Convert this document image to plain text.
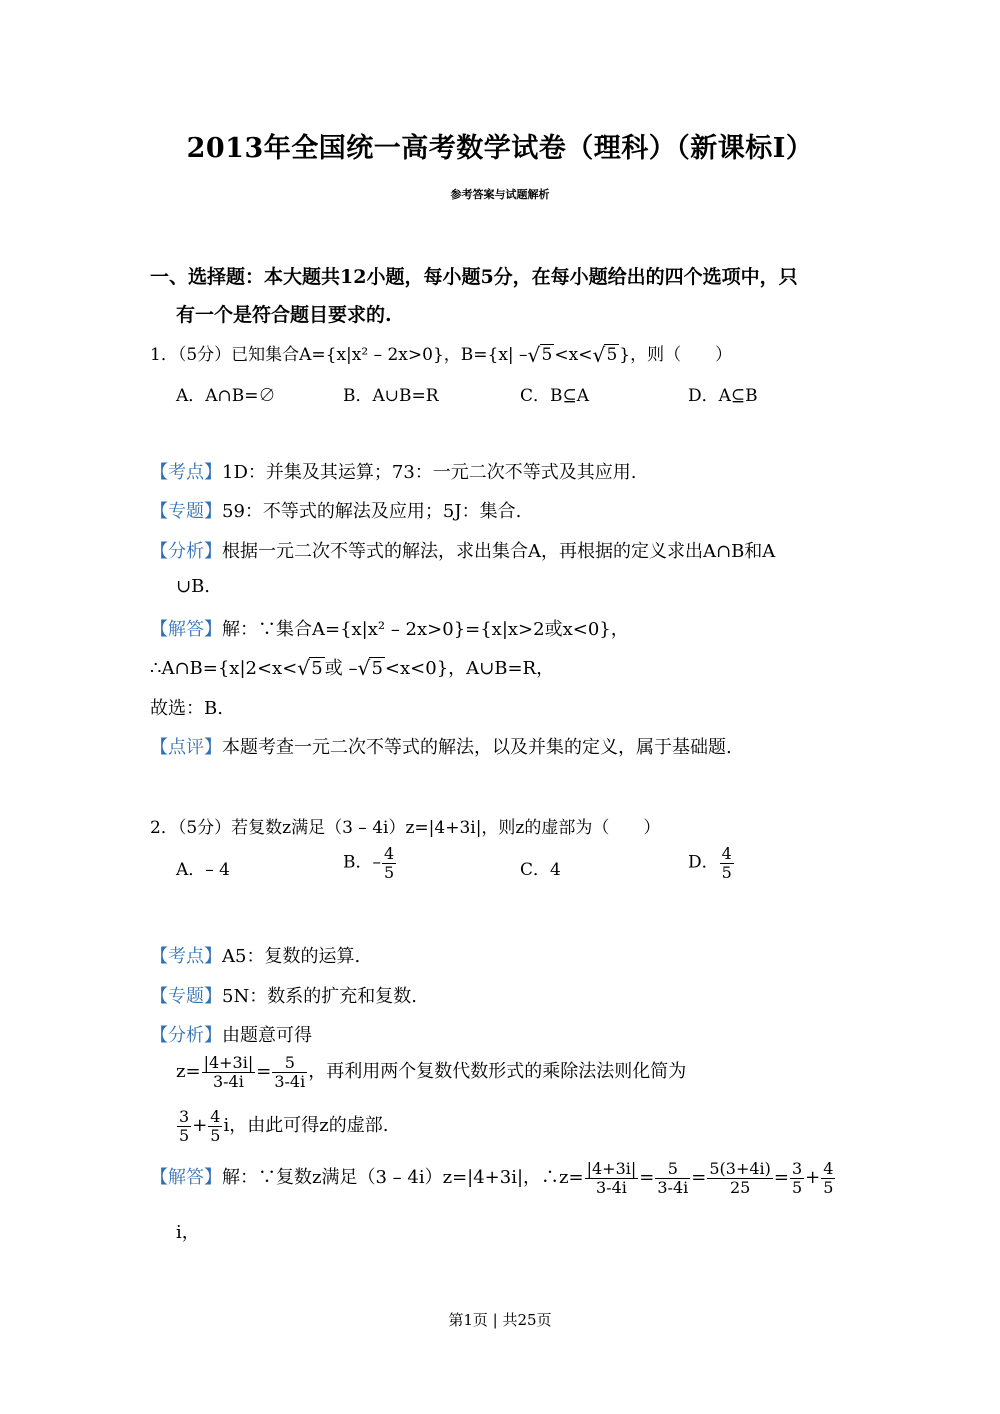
2013年全国统一高考数学试卷（理科）（新课标Ⅰ）
参考答案与试题解析
一、选择题：本大题共12小题，每小题5分，在每小题给出的四个选项中，只
有一个是符合题目要求的.
1．（5分）已知集合A={x|x² – 2x>0}，B={x| – √ 5 <x< √ 5 }，则（　　）
A．A∩B=∅	B．A∪B=R	C．B⊆A	D．A⊆B
【考点】1D：并集及其运算；73：一元二次不等式及其应用.
【专题】59：不等式的解法及应用；5J：集合.
【分析】根据一元二次不等式的解法，求出集合A，再根据的定义求出A∩B和A
∪B.
【解答】解：∵集合A={x|x² – 2x>0}={x|x>2或x<0}，
∴A∩B={x|2<x< √ 5 或 – √ 5 <x<0}，A∪B=R，
故选：B.
【点评】本题考查一元二次不等式的解法，以及并集的定义，属于基础题.
2．（5分）若复数z满足（3 – 4i）z=|4+3i|，则z的虚部为（　　）
A．– 4	B．– $\frac{4}{5}$	C．4	D． $\frac{4}{5}$
【考点】A5：复数的运算.
【专题】5N：数系的扩充和复数.
【分析】由题意可得
$z= \frac{|4+3i|}{3-4i} = \frac{5}{3-4i}$ ，再利用两个复数代数形式的乘除法法则化简为
$\frac{3}{5} + \frac{4}{5}$ i，由此可得z的虚部.
【解答】解：∵复数z满足（3 – 4i）z=|4+3i|，∴z= $\frac{|4+3i|}{3-4i} = \frac{5}{3-4i} = \frac{5(3+4i)}{25} = \frac{3}{5} + \frac{4}{5}$
i，
第1页 | 共25页
